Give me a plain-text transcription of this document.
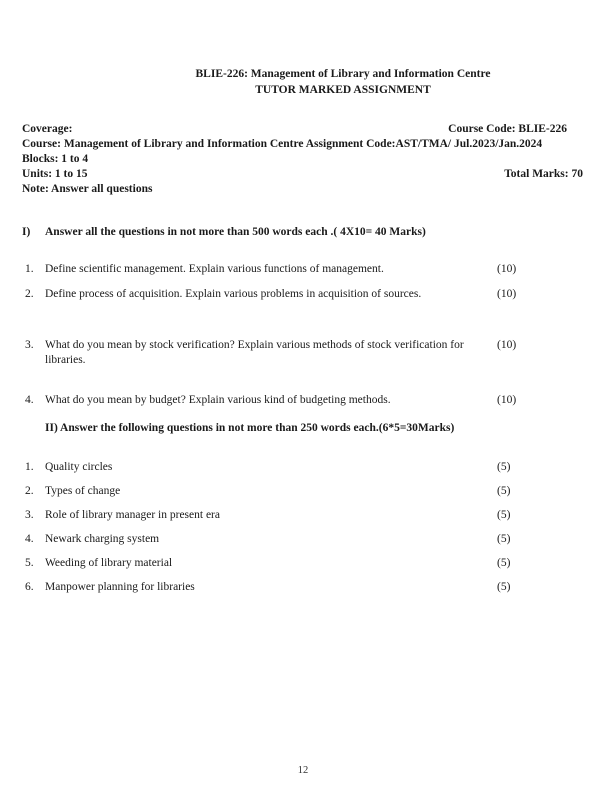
BLIE-226: Management of Library and Information Centre
TUTOR MARKED ASSIGNMENT
Coverage:	Course Code: BLIE-226
Course: Management of Library and Information Centre Assignment Code:AST/TMA/ Jul.2023/Jan.2024
Blocks: 1 to 4
Units: 1 to 15	Total Marks: 70
Note: Answer all questions
I)	Answer all the questions in not more than 500 words each .( 4X10= 40 Marks)
1. Define scientific management. Explain various functions of management.	(10)
2. Define process of acquisition. Explain various problems in acquisition of sources.	(10)
3. What do you mean by stock verification? Explain various methods of stock verification for libraries.
(10)
4. What do you mean by budget? Explain various kind of budgeting methods.	(10)
II) Answer the following questions in not more than 250 words each.(6*5=30Marks)
1. Quality circles	(5)
2. Types of change	(5)
3. Role of library manager in present era	(5)
4. Newark charging system	(5)
5. Weeding of library material	(5)
6. Manpower planning for libraries	(5)
12
